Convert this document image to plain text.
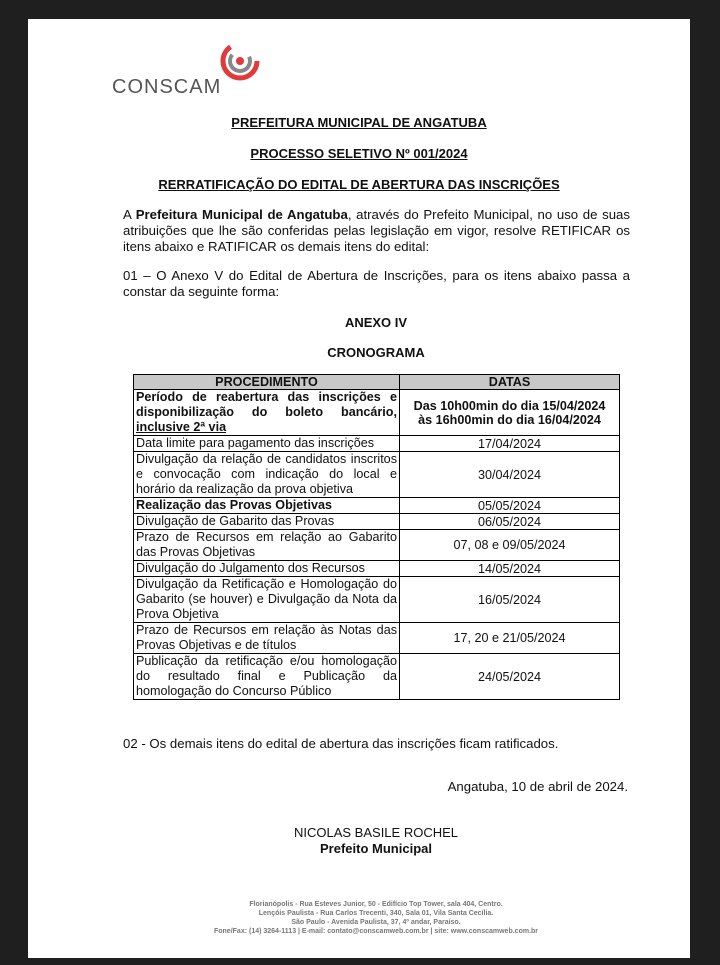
CONSCAM
PREFEITURA MUNICIPAL DE ANGATUBA
PROCESSO SELETIVO Nº 001/2024
RERRATIFICAÇÃO DO EDITAL DE ABERTURA DAS INSCRIÇÕES
A Prefeitura Municipal de Angatuba, através do Prefeito Municipal, no uso de suas atribuições que lhe são conferidas pelas legislação em vigor, resolve RETIFICAR os itens abaixo e RATIFICAR os demais itens do edital:
01 – O Anexo V do Edital de Abertura de Inscrições, para os itens abaixo passa a constar da seguinte forma:
ANEXO IV
CRONOGRAMA
PROCEDIMENTO	DATAS
Período de reabertura das inscrições e disponibilização do boleto bancário, inclusive 2ª via	Das 10h00min do dia 15/04/2024
às 16h00min do dia 16/04/2024

Data limite para pagamento das inscrições	17/04/2024
Divulgação da relação de candidatos inscritos e convocação com indicação do local e horário da realização da prova objetiva	30/04/2024
Realização das Provas Objetivas	05/05/2024
Divulgação de Gabarito das Provas	06/05/2024
Prazo de Recursos em relação ao Gabarito das Provas Objetivas	07, 08 e 09/05/2024
Divulgação do Julgamento dos Recursos	14/05/2024
Divulgação da Retificação e Homologação do Gabarito (se houver) e Divulgação da Nota da Prova Objetiva	16/05/2024
Prazo de Recursos em relação às Notas das Provas Objetivas e de títulos	17, 20 e 21/05/2024
Publicação da retificação e/ou homologação do resultado final e Publicação da homologação do Concurso Público	24/05/2024
02 - Os demais itens do edital de abertura das inscrições ficam ratificados.
Angatuba, 10 de abril de 2024.
NICOLAS BASILE ROCHEL
Prefeito Municipal
Florianópolis - Rua Esteves Junior, 50 - Edifício Top Tower, sala 404, Centro.
Lençóis Paulista - Rua Carlos Trecenti, 340, Sala 01, Vila Santa Cecília.
São Paulo - Avenida Paulista, 37, 4º andar, Paraíso.
Fone/Fax: (14) 3264-1113 | E-mail: contato@conscamweb.com.br | site: www.conscamweb.com.br
